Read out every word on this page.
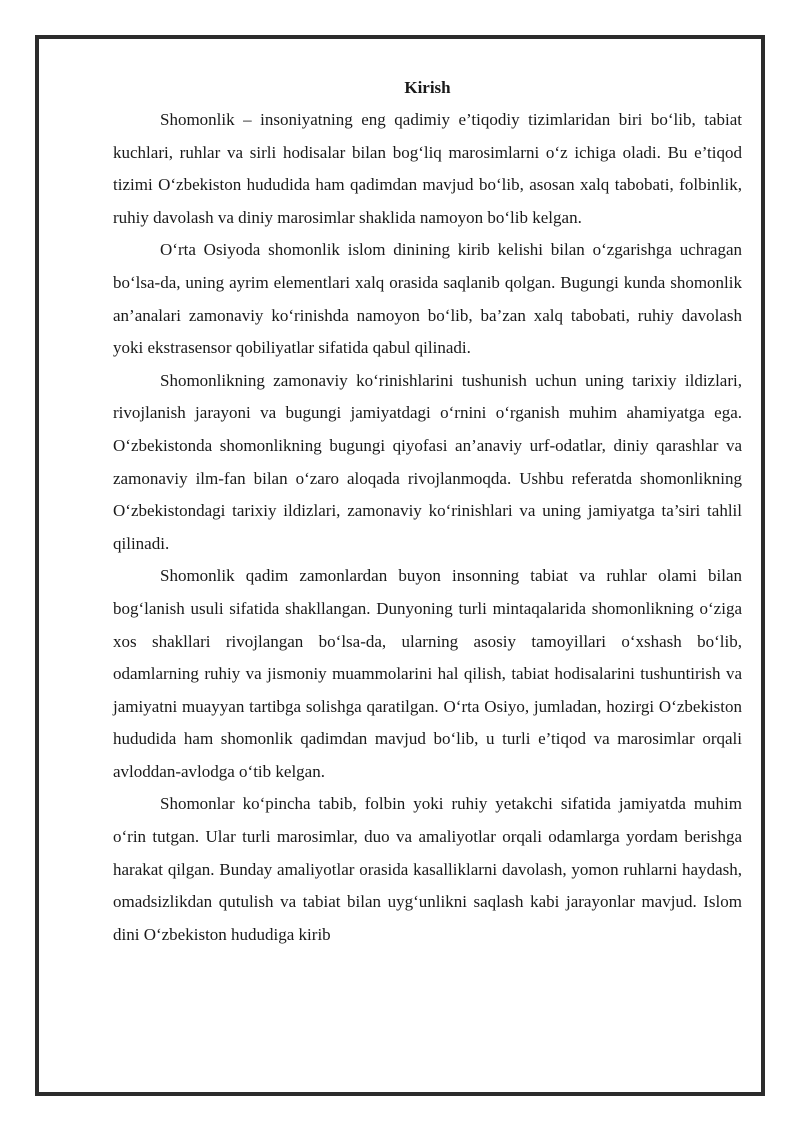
Kirish

Shomonlik – insoniyatning eng qadimiy e’tiqodiy tizimlaridan biri bo‘lib, tabiat kuchlari, ruhlar va sirli hodisalar bilan bog‘liq marosimlarni o‘z ichiga oladi. Bu e’tiqod tizimi O‘zbekiston hududida ham qadimdan mavjud bo‘lib, asosan xalq tabobati, folbinlik, ruhiy davolash va diniy marosimlar shaklida namoyon bo‘lib kelgan.

O‘rta Osiyoda shomonlik islom dinining kirib kelishi bilan o‘zgarishga uchragan bo‘lsa-da, uning ayrim elementlari xalq orasida saqlanib qolgan. Bugungi kunda shomonlik an’analari zamonaviy ko‘rinishda namoyon bo‘lib, ba’zan xalq tabobati, ruhiy davolash yoki ekstrasensor qobiliyatlar sifatida qabul qilinadi.

Shomonlikning zamonaviy ko‘rinishlarini tushunish uchun uning tarixiy ildizlari, rivojlanish jarayoni va bugungi jamiyatdagi o‘rnini o‘rganish muhim ahamiyatga ega. O‘zbekistonda shomonlikning bugungi qiyofasi an’anaviy urf-odatlar, diniy qarashlar va zamonaviy ilm-fan bilan o‘zaro aloqada rivojlanmoqda. Ushbu referatda shomonlikning O‘zbekistondagi tarixiy ildizlari, zamonaviy ko‘rinishlari va uning jamiyatga ta’siri tahlil qilinadi.

Shomonlik qadim zamonlardan buyon insonning tabiat va ruhlar olami bilan bog‘lanish usuli sifatida shakllangan. Dunyoning turli mintaqalarida shomonlikning o‘ziga xos shakllari rivojlangan bo‘lsa-da, ularning asosiy tamoyillari o‘xshash bo‘lib, odamlarning ruhiy va jismoniy muammolarini hal qilish, tabiat hodisalarini tushuntirish va jamiyatni muayyan tartibga solishga qaratilgan. O‘rta Osiyo, jumladan, hozirgi O‘zbekiston hududida ham shomonlik qadimdan mavjud bo‘lib, u turli e’tiqod va marosimlar orqali avloddan-avlodga o‘tib kelgan.

Shomonlar ko‘pincha tabib, folbin yoki ruhiy yetakchi sifatida jamiyatda muhim o‘rin tutgan. Ular turli marosimlar, duo va amaliyotlar orqali odamlarga yordam berishga harakat qilgan. Bunday amaliyotlar orasida kasalliklarni davolash, yomon ruhlarni haydash, omadsizlikdan qutulish va tabiat bilan uyg‘unlikni saqlash kabi jarayonlar mavjud. Islom dini O‘zbekiston hududiga kirib
